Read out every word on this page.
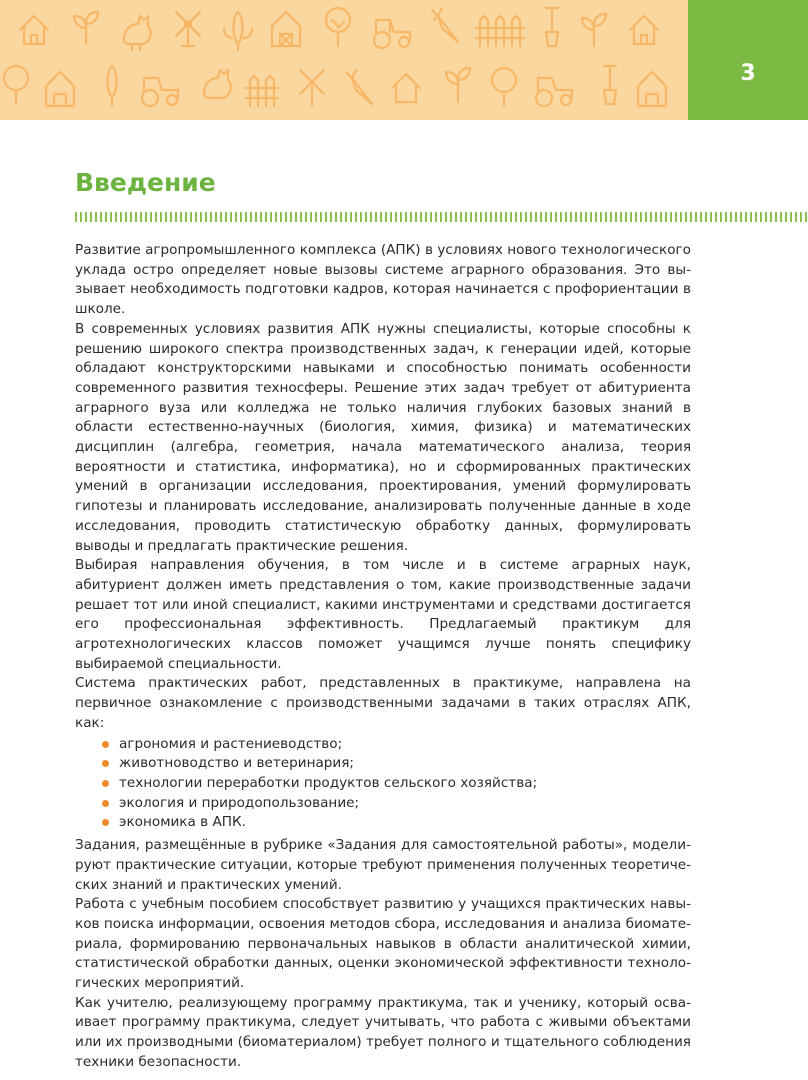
3
Введение

Развитие агропромышленного комплекса (АПК) в условиях нового технологического уклада остро определяет новые вызовы системе аграрного образования. Это вызывает необходимость подготовки кадров, которая начинается с профориентации в школе.

В современных условиях развития АПК нужны специалисты, которые способны к решению широкого спектра производственных задач, к генерации идей, которые обладают конструкторскими навыками и способностью понимать особенности современного развития техносферы. Решение этих задач требует от абитуриента аграрного вуза или колледжа не только наличия глубоких базовых знаний в области естественно-научных (биология, химия, физика) и математических дисциплин (алгебра, геометрия, начала математического анализа, теория вероятности и статистика, информатика), но и сформированных практических умений в организации исследования, проектирования, умений формулировать гипотезы и планировать исследование, анализировать полученные данные в ходе исследования, проводить статистическую обработку данных, формулировать выводы и предлагать практические решения.

Выбирая направления обучения, в том числе и в системе аграрных наук, абитуриент должен иметь представления о том, какие производственные задачи решает тот или иной специалист, какими инструментами и средствами достигается его профессиональная эффективность. Предлагаемый практикум для агротехнологических классов поможет учащимся лучше понять специфику выбираемой специальности.

Система практических работ, представленных в практикуме, направлена на первичное ознакомление с производственными задачами в таких отраслях АПК, как:

агрономия и растениеводство;
животноводство и ветеринария;
технологии переработки продуктов сельского хозяйства;
экология и природопользование;
экономика в АПК.

Задания, размещённые в рубрике «Задания для самостоятельной работы», моделируют практические ситуации, которые требуют применения полученных теоретических знаний и практических умений.

Работа с учебным пособием способствует развитию у учащихся практических навыков поиска информации, освоения методов сбора, исследования и анализа биоматериала, формированию первоначальных навыков в области аналитической химии, статистической обработки данных, оценки экономической эффективности технологических мероприятий.

Как учителю, реализующему программу практикума, так и ученику, который осваивает программу практикума, следует учитывать, что работа с живыми объектами или их производными (биоматериалом) требует полного и тщательного соблюдения техники безопасности.
